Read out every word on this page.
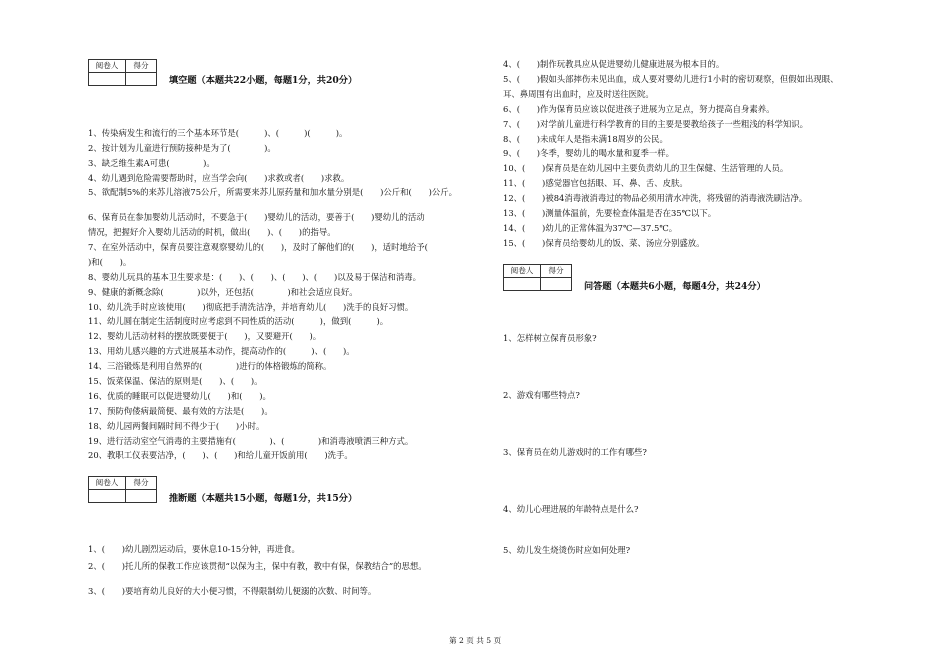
阅卷人	得分

填空题（本题共22小题，每题1分，共20分）
1、传染病发生和流行的三个基本环节是(　　　)、(　　　)(　　　)。
2、按计划为儿童进行预防接种是为了(　　　　)。
3、缺乏维生素A可患(　　　　)。
4、幼儿遇到危险需要帮助时，应当学会向(　　)求救或者(　　)求救。
5、欲配制5%的来苏儿溶液75公斤，所需要来苏儿原药量和加水量分别是(　　)公斤和(　　)公斤。
6、保育员在参加婴幼儿活动时，不要急于(　　)婴幼儿的活动，要善于(　　)婴幼儿的活动
情况，把握好介入婴幼儿活动的时机，做出(　　)、(　　)的指导。
7、在室外活动中，保育员要注意观察婴幼儿的(　　)，及时了解他们的(　　)，适时地给予(
)和(　　)。
8、婴幼儿玩具的基本卫生要求是：(　　)、(　　)、(　　)、(　　)以及易于保洁和消毒。
9、健康的新概念除(　　　　)以外，还包括(　　　　)和社会适应良好。
10、幼儿洗手时应该使用(　　)彻底把手清洗洁净，并培育幼儿(　　)洗手的良好习惯。
11、幼儿圆在制定生活制度时应考虑到不同性质的活动(　　　)，做到(　　　)。
12、婴幼儿活动材料的摆放既要便于(　　)，又要避开(　　)。
13、用幼儿感兴趣的方式进展基本动作，提高动作的(　　　)、(　　)。
14、三浴锻炼是利用自然界的(　　　　)进行的体格锻炼的简称。
15、饭菜保温、保洁的原则是(　　)、(　　)。
16、优质的睡眠可以促进婴幼儿(　　)和(　　)。
17、预防佝偻病最简便、最有效的方法是(　　)。
18、幼儿园两餐间隔时间不得少于(　　)小时。
19、进行活动室空气消毒的主要措施有(　　　　)、(　　　　)和消毒液喷洒三种方式。
20、教职工仪表要洁净，(　　)、(　　)和给儿童开饭前用(　　)洗手。
阅卷人	得分

推断题（本题共15小题，每题1分，共15分）
1、(　　)幼儿剧烈运动后，要休息10-15分钟，再进食。
2、(　　)托儿所的保教工作应该贯彻“以保为主，保中有教，教中有保，保教结合”的思想。
3、(　　)要培育幼儿良好的大小便习惯，不得限制幼儿便溺的次数、时间等。
4、(　　)制作玩教具应从促进婴幼儿健康进展为根本目的。
5、(　　)假如头部摔伤未见出血，成人要对婴幼儿进行1小时的密切观察，但假如出现眼、
耳、鼻周围有出血时，应及时送往医院。
6、(　　)作为保育员应该以促进孩子进展为立足点，努力提高自身素养。
7、(　　)对学前儿童进行科学教育的目的主要是要教给孩子一些粗浅的科学知识。
8、(　　)未成年人是指未满18周岁的公民。
9、(　　)冬季，婴幼儿的喝水量和夏季一样。
10、(　　)保育员是在幼儿园中主要负责幼儿的卫生保健、生活管理的人员。
11、(　　)感觉器官包括眼、耳、鼻、舌、皮肤。
12、(　　)被84消毒液消毒过的物品必须用清水冲洗，将残留的消毒液洗刷洁净。
13、(　　)测量体温前，先要检查体温是否在35℃以下。
14、(　　)幼儿的正常体温为37℃—37.5℃。
15、(　　)保育员给婴幼儿的饭、菜、汤应分别盛放。
阅卷人	得分

问答题（本题共6小题，每题4分，共24分）
1、怎样树立保育员形象?
2、游戏有哪些特点?
3、保育员在幼儿游戏时的工作有哪些?
4、幼儿心理进展的年龄特点是什么?
5、幼儿发生烧烫伤时应如何处理?
第 2 页 共 5 页
